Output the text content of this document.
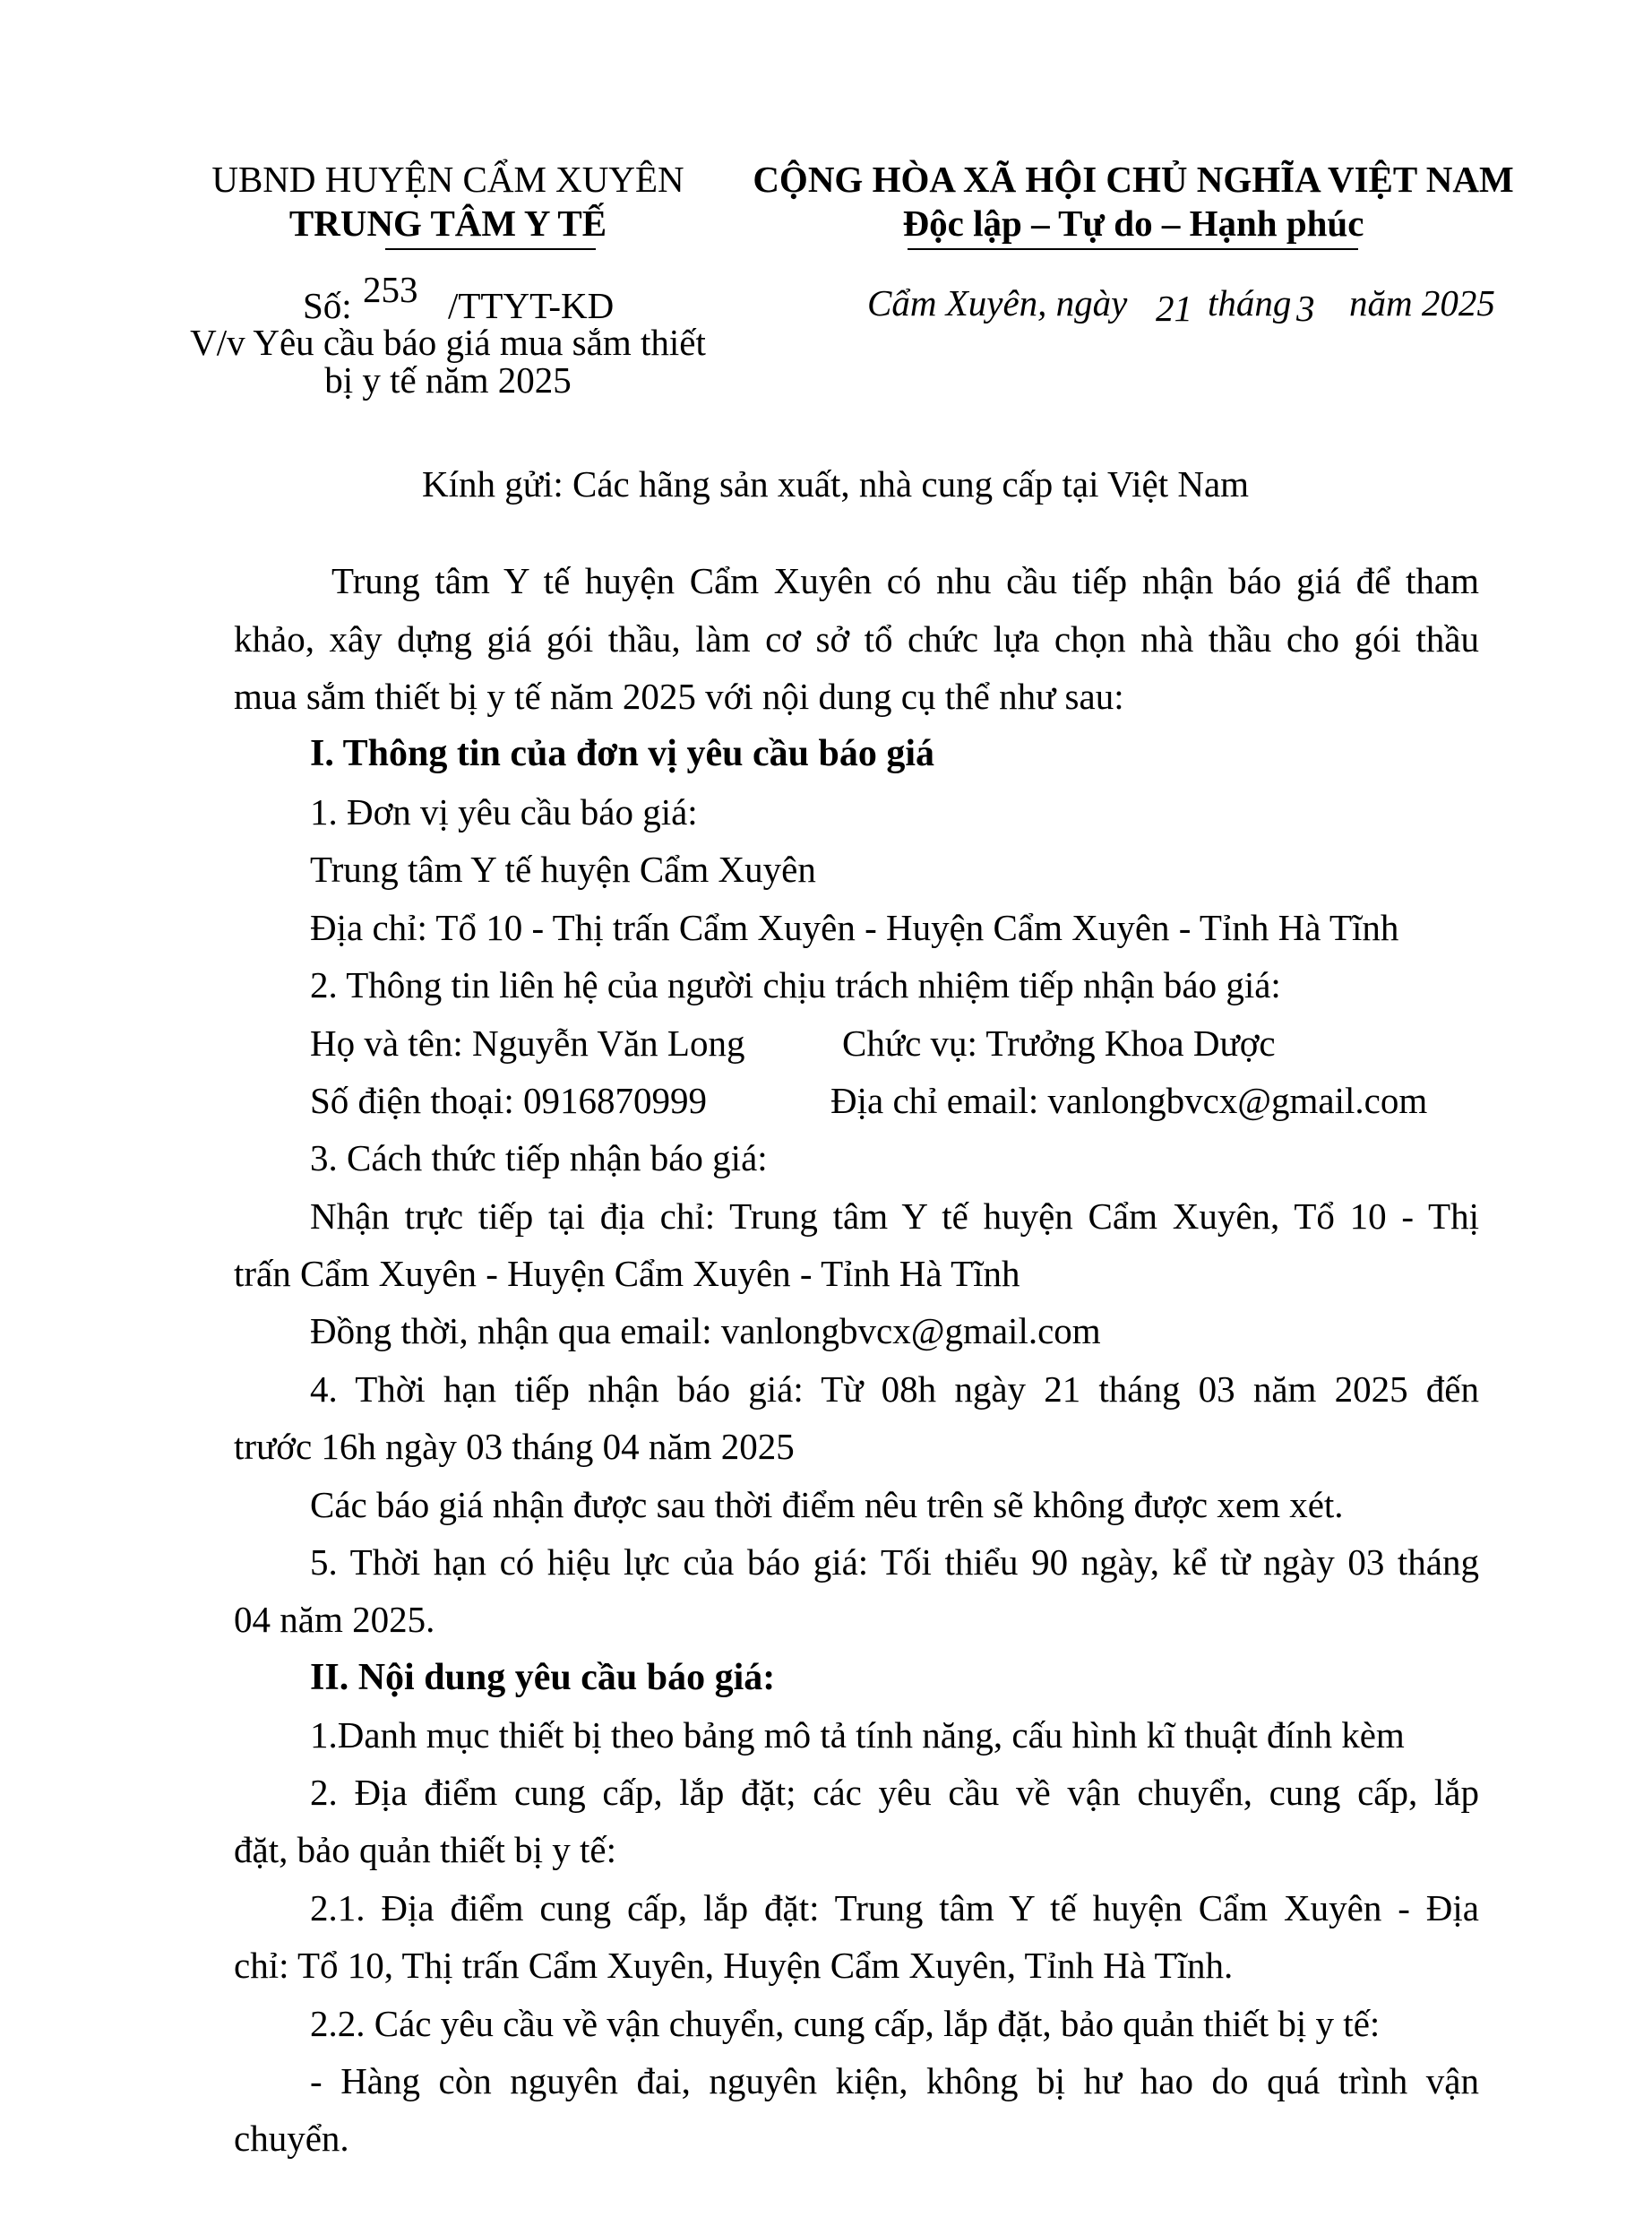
UBND HUYỆN CẨM XUYÊN
TRUNG TÂM Y TẾ
CỘNG HÒA XÃ HỘI CHỦ NGHĨA VIỆT NAM
Độc lập – Tự do – Hạnh phúc
Số: 253 /TTYT-KD
V/v Yêu cầu báo giá mua sắm thiết
bị y tế năm 2025
Cẩm Xuyên, ngày 21 tháng 3 năm 2025
Kính gửi: Các hãng sản xuất, nhà cung cấp tại Việt Nam
Trung tâm Y tế huyện Cẩm Xuyên có nhu cầu tiếp nhận báo giá để tham
khảo, xây dựng giá gói thầu, làm cơ sở tổ chức lựa chọn nhà thầu cho gói thầu
mua sắm thiết bị y tế năm 2025 với nội dung cụ thể như sau:
I. Thông tin của đơn vị yêu cầu báo giá
1. Đơn vị yêu cầu báo giá:
Trung tâm Y tế huyện Cẩm Xuyên
Địa chỉ: Tổ 10 - Thị trấn Cẩm Xuyên - Huyện Cẩm Xuyên - Tỉnh Hà Tĩnh
2. Thông tin liên hệ của người chịu trách nhiệm tiếp nhận báo giá:
Họ và tên: Nguyễn Văn Long	Chức vụ: Trưởng Khoa Dược
Số điện thoại: 0916870999	Địa chỉ email: vanlongbvcx@gmail.com
3. Cách thức tiếp nhận báo giá:
Nhận trực tiếp tại địa chỉ: Trung tâm Y tế huyện Cẩm Xuyên, Tổ 10 - Thị
trấn Cẩm Xuyên - Huyện Cẩm Xuyên - Tỉnh Hà Tĩnh
Đồng thời, nhận qua email: vanlongbvcx@gmail.com
4. Thời hạn tiếp nhận báo giá: Từ 08h ngày 21 tháng 03 năm 2025 đến
trước 16h ngày 03 tháng 04 năm 2025
Các báo giá nhận được sau thời điểm nêu trên sẽ không được xem xét.
5. Thời hạn có hiệu lực của báo giá: Tối thiểu 90 ngày, kể từ ngày 03 tháng
04 năm 2025.
II. Nội dung yêu cầu báo giá:
1.Danh mục thiết bị theo bảng mô tả tính năng, cấu hình kĩ thuật đính kèm
2. Địa điểm cung cấp, lắp đặt; các yêu cầu về vận chuyển, cung cấp, lắp
đặt, bảo quản thiết bị y tế:
2.1. Địa điểm cung cấp, lắp đặt: Trung tâm Y tế huyện Cẩm Xuyên - Địa
chỉ: Tổ 10, Thị trấn Cẩm Xuyên, Huyện Cẩm Xuyên, Tỉnh Hà Tĩnh.
2.2. Các yêu cầu về vận chuyển, cung cấp, lắp đặt, bảo quản thiết bị y tế:
- Hàng còn nguyên đai, nguyên kiện, không bị hư hao do quá trình vận
chuyển.
